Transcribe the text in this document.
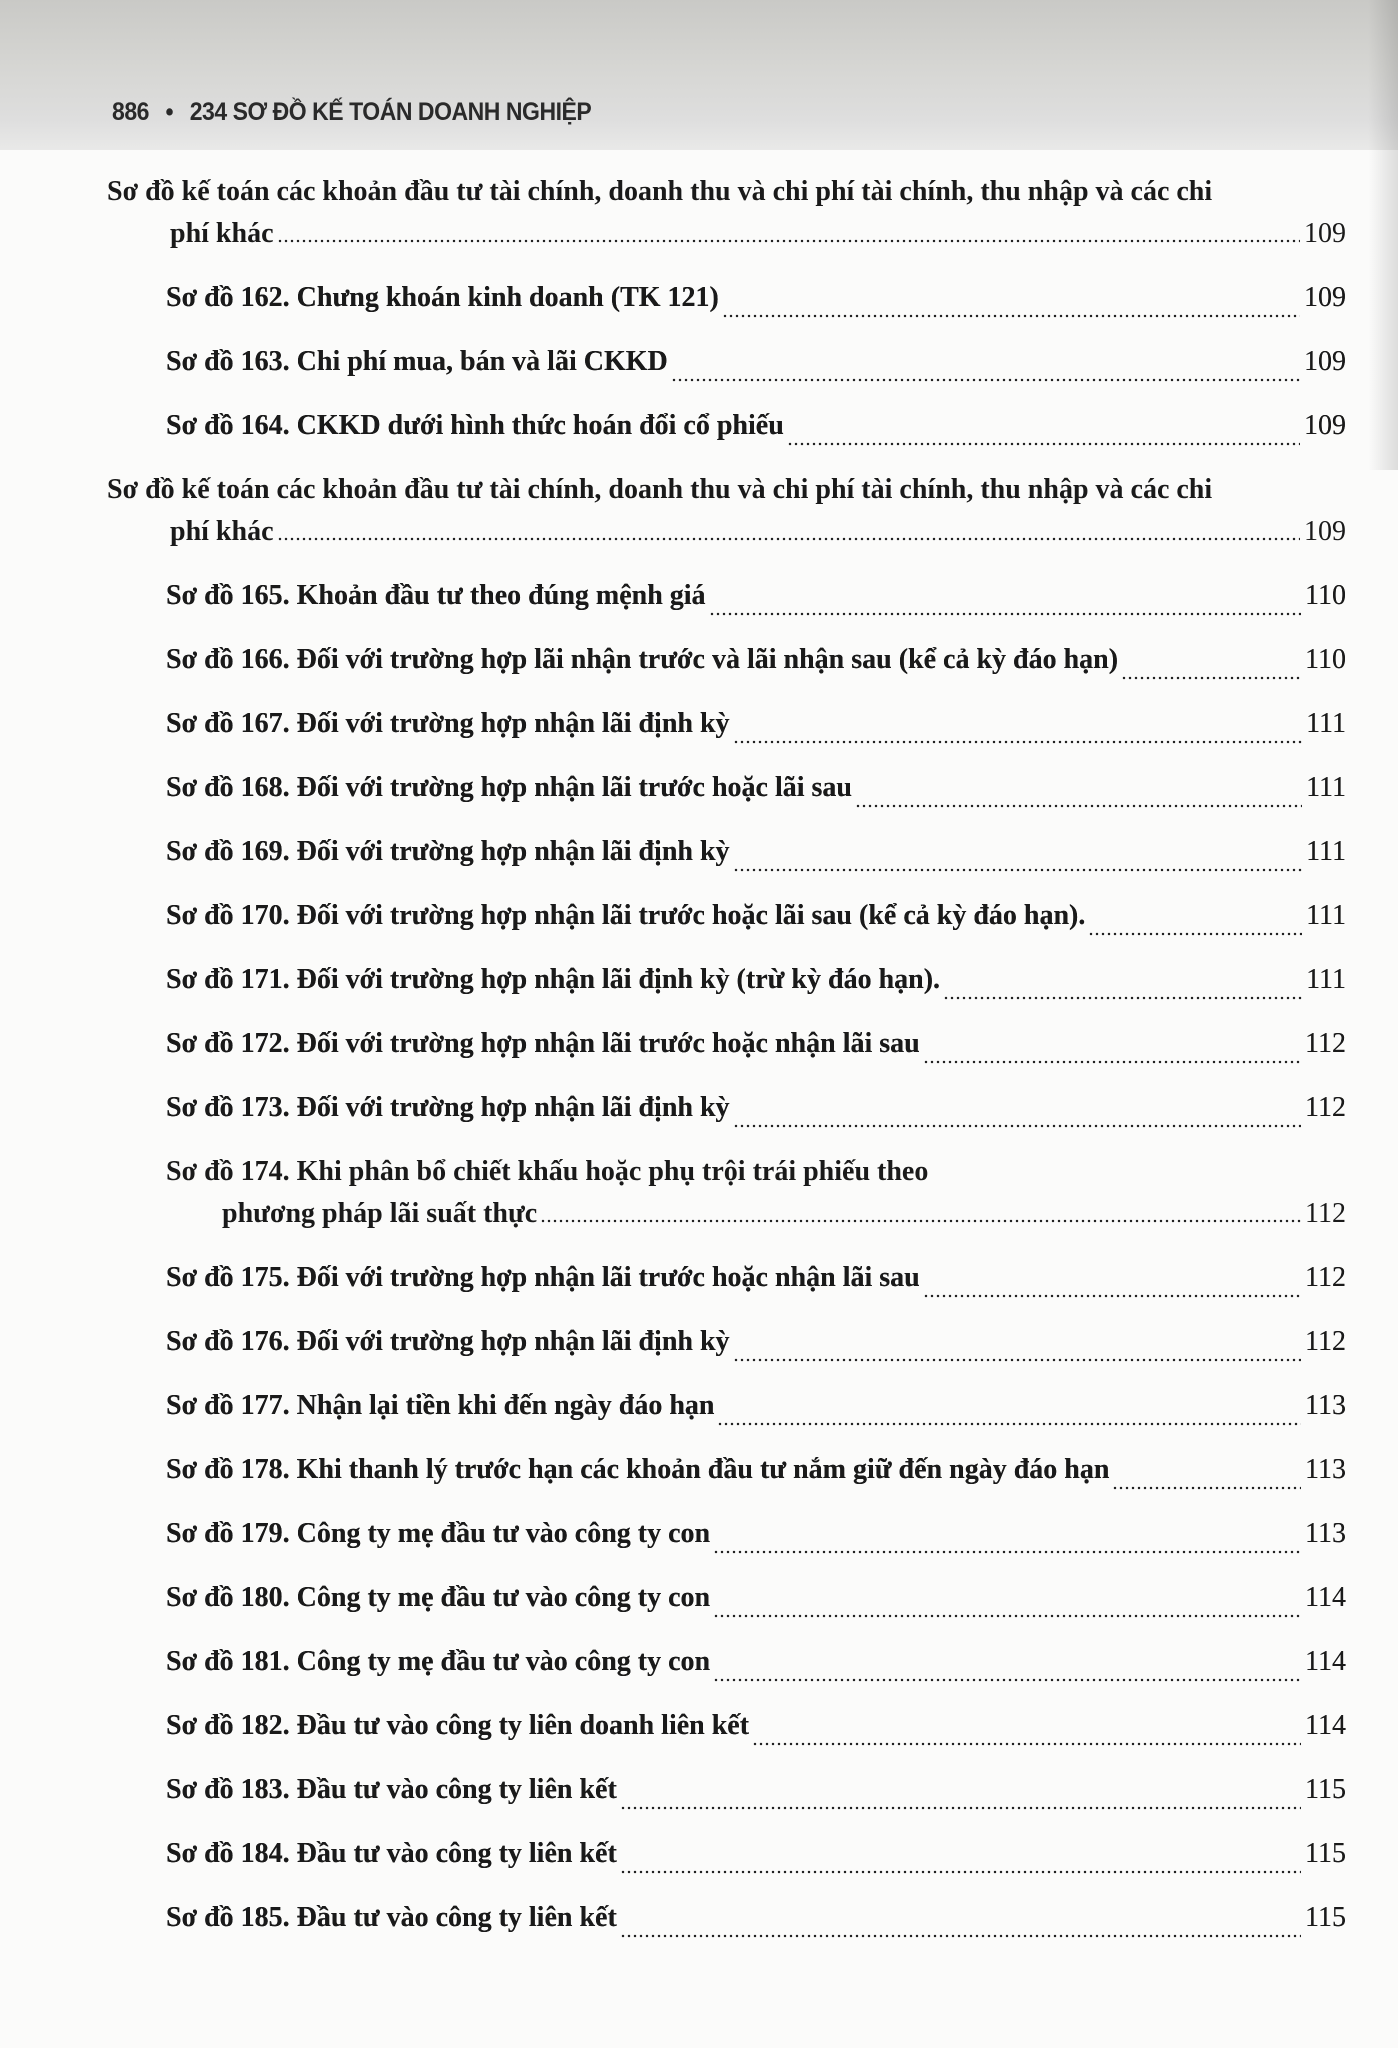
886 • 234 SƠ ĐỒ KẾ TOÁN DOANH NGHIỆP
Sơ đồ kế toán các khoản đầu tư tài chính, doanh thu và chi phí tài chính, thu nhập và các chi
phí khác	109
Sơ đồ 162. Chưng khoán kinh doanh (TK 121)	109
Sơ đồ 163. Chi phí mua, bán và lãi CKKD	109
Sơ đồ 164. CKKD dưới hình thức hoán đổi cổ phiếu	109
Sơ đồ kế toán các khoản đầu tư tài chính, doanh thu và chi phí tài chính, thu nhập và các chi
phí khác	109
Sơ đồ 165. Khoản đầu tư theo đúng mệnh giá	110
Sơ đồ 166. Đối với trường hợp lãi nhận trước và lãi nhận sau (kể cả kỳ đáo hạn)	110
Sơ đồ 167. Đối với trường hợp nhận lãi định kỳ	111
Sơ đồ 168. Đối với trường hợp nhận lãi trước hoặc lãi sau	111
Sơ đồ 169. Đối với trường hợp nhận lãi định kỳ	111
Sơ đồ 170. Đối với trường hợp nhận lãi trước hoặc lãi sau (kể cả kỳ đáo hạn).	111
Sơ đồ 171. Đối với trường hợp nhận lãi định kỳ (trừ kỳ đáo hạn).	111
Sơ đồ 172. Đối với trường hợp nhận lãi trước hoặc nhận lãi sau	112
Sơ đồ 173. Đối với trường hợp nhận lãi định kỳ	112
Sơ đồ 174. Khi phân bổ chiết khấu hoặc phụ trội trái phiếu theo
phương pháp lãi suất thực	112
Sơ đồ 175. Đối với trường hợp nhận lãi trước hoặc nhận lãi sau	112
Sơ đồ 176. Đối với trường hợp nhận lãi định kỳ	112
Sơ đồ 177. Nhận lại tiền khi đến ngày đáo hạn	113
Sơ đồ 178. Khi thanh lý trước hạn các khoản đầu tư nắm giữ đến ngày đáo hạn	113
Sơ đồ 179. Công ty mẹ đầu tư vào công ty con	113
Sơ đồ 180. Công ty mẹ đầu tư vào công ty con	114
Sơ đồ 181. Công ty mẹ đầu tư vào công ty con	114
Sơ đồ 182. Đầu tư vào công ty liên doanh liên kết	114
Sơ đồ 183. Đầu tư vào công ty liên kết	115
Sơ đồ 184. Đầu tư vào công ty liên kết	115
Sơ đồ 185. Đầu tư vào công ty liên kết	115
